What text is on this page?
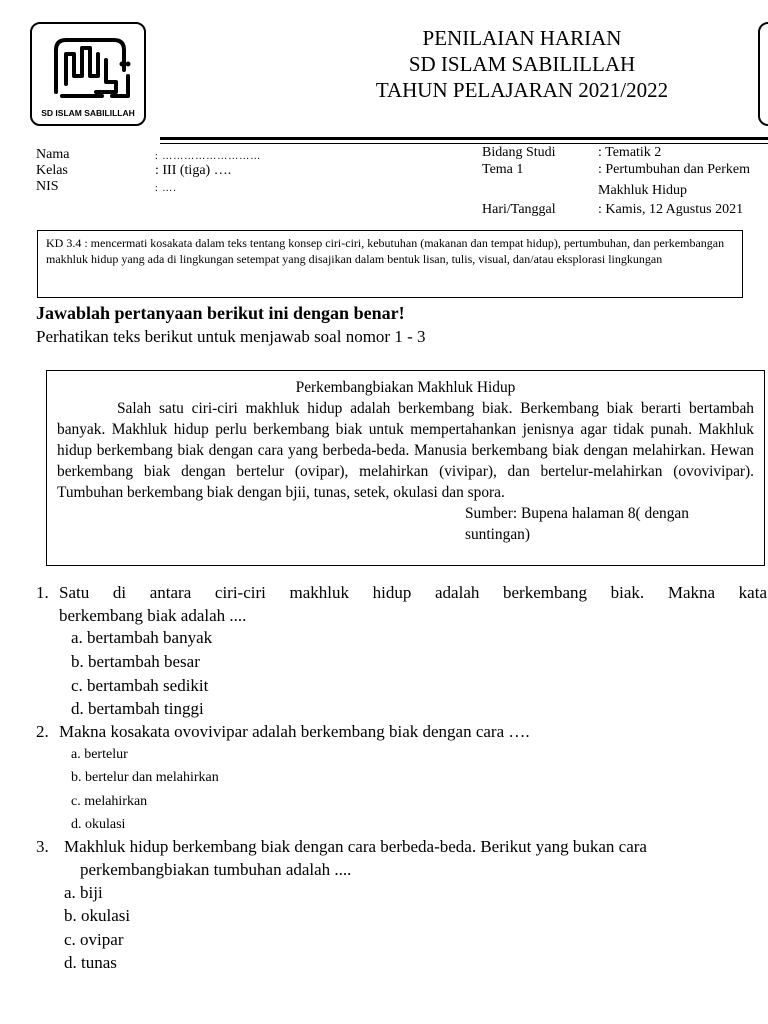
SD ISLAM SABILILLAH
PENILAIAN HARIAN
SD ISLAM SABILILLAH
TAHUN PELAJARAN 2021/2022
Nama	: ………………………
Kelas	: III (tiga) ….
NIS	: ….
Bidang Studi	: Tematik 2
Tema 1	: Pertumbuhan dan Perkem
Makhluk Hidup
Hari/Tanggal	: Kamis, 12 Agustus 2021
KD 3.4 : mencermati kosakata dalam teks tentang konsep ciri-ciri, kebutuhan (makanan dan tempat hidup), pertumbuhan, dan perkembangan makhluk hidup yang ada di lingkungan setempat yang disajikan dalam bentuk lisan, tulis, visual, dan/atau eksplorasi lingkungan
Jawablah pertanyaan berikut ini dengan benar!
Perhatikan teks berikut untuk menjawab soal nomor 1 - 3
Perkembangbiakan Makhluk Hidup

Salah satu ciri-ciri makhluk hidup adalah berkembang biak. Berkembang biak berarti bertambah banyak. Makhluk hidup perlu berkembang biak untuk mempertahankan jenisnya agar tidak punah. Makhluk hidup berkembang biak dengan cara yang berbeda-beda. Manusia berkembang biak dengan melahirkan. Hewan berkembang biak dengan bertelur (ovipar), melahirkan (vivipar), dan bertelur-melahirkan (ovovivipar). Tumbuhan berkembang biak dengan bjii, tunas, setek, okulasi dan spora.

Sumber: Bupena halaman 8( dengan suntingan)
1. Satu di antara ciri-ciri makhluk hidup adalah berkembang biak. Makna kata
berkembang biak adalah ....
a. bertambah banyak
b. bertambah besar
c. bertambah sedikit
d. bertambah tinggi
2. Makna kosakata ovovivipar adalah berkembang biak dengan cara ….
a. bertelur
b. bertelur dan melahirkan
c. melahirkan
d. okulasi
3. Makhluk hidup berkembang biak dengan cara berbeda-beda. Berikut yang bukan cara
perkembangbiakan tumbuhan adalah ....
a. biji
b. okulasi
c. ovipar
d. tunas
